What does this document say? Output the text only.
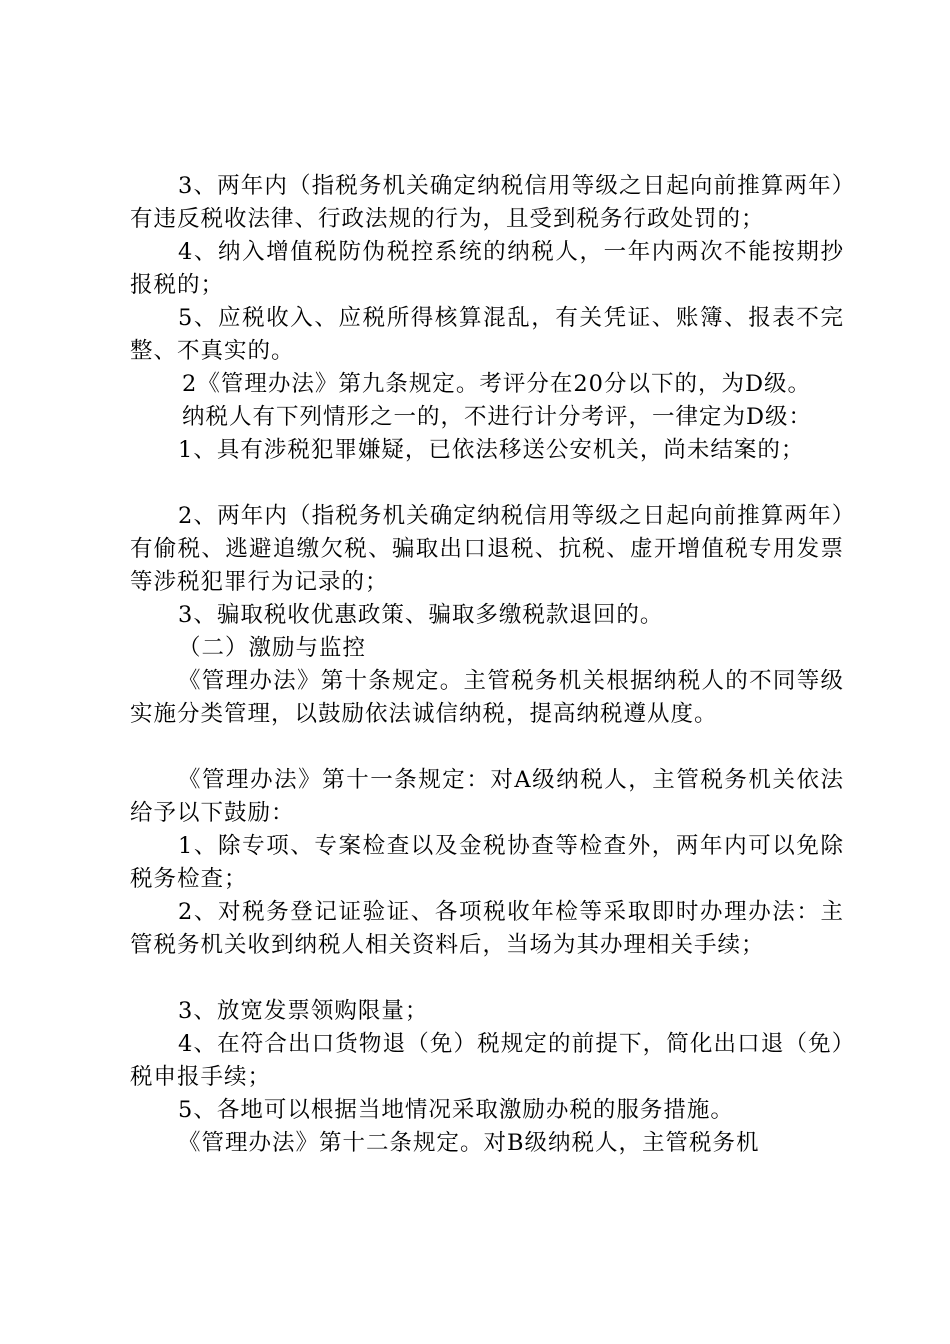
3、两年内（指税务机关确定纳税信用等级之日起向前推算两年）有违反税收法律、行政法规的行为，且受到税务行政处罚的；

4、纳入增值税防伪税控系统的纳税人，一年内两次不能按期抄报税的；

5、应税收入、应税所得核算混乱，有关凭证、账簿、报表不完整、不真实的。

2《管理办法》第九条规定。考评分在20分以下的，为D级。

纳税人有下列情形之一的，不进行计分考评，一律定为D级：

1、具有涉税犯罪嫌疑，已依法移送公安机关，尚未结案的；

2、两年内（指税务机关确定纳税信用等级之日起向前推算两年）有偷税、逃避追缴欠税、骗取出口退税、抗税、虚开增值税专用发票等涉税犯罪行为记录的；

3、骗取税收优惠政策、骗取多缴税款退回的。

（二）激励与监控

《管理办法》第十条规定。主管税务机关根据纳税人的不同等级实施分类管理，以鼓励依法诚信纳税，提高纳税遵从度。

《管理办法》第十一条规定：对A级纳税人，主管税务机关依法给予以下鼓励：

1、除专项、专案检查以及金税协查等检查外，两年内可以免除税务检查；

2、对税务登记证验证、各项税收年检等采取即时办理办法：主管税务机关收到纳税人相关资料后，当场为其办理相关手续；

3、放宽发票领购限量；

4、在符合出口货物退（免）税规定的前提下，简化出口退（免）税申报手续；

5、各地可以根据当地情况采取激励办税的服务措施。

《管理办法》第十二条规定。对B级纳税人，主管税务机
